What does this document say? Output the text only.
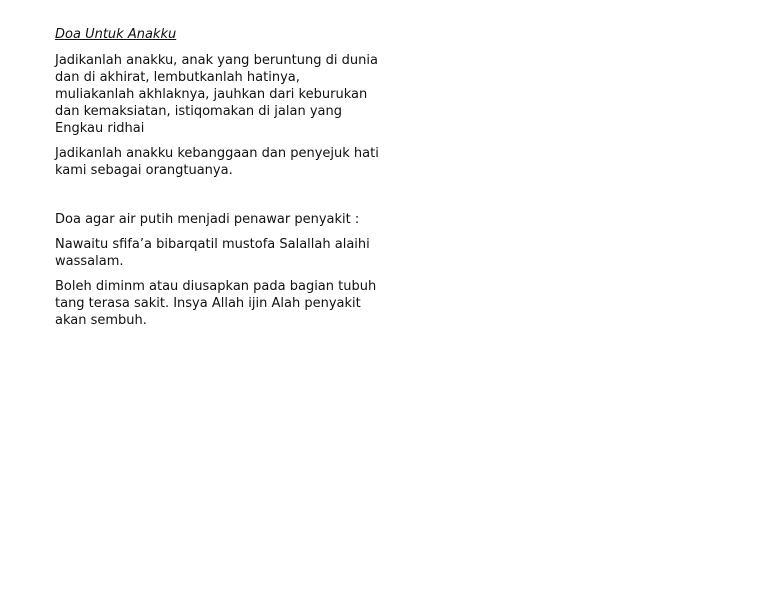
Doa Untuk Anakku

Jadikanlah anakku, anak yang beruntung di dunia dan di akhirat, lembutkanlah hatinya, muliakanlah akhlaknya, jauhkan dari keburukan dan kemaksiatan, istiqomakan di jalan yang Engkau ridhai

Jadikanlah anakku kebanggaan dan penyejuk hati kami sebagai orangtuanya.

Doa agar air putih menjadi penawar penyakit :

Nawaitu sfifa’a bibarqatil mustofa Salallah alaihi wassalam.

Boleh diminm atau diusapkan pada bagian tubuh tang terasa sakit. Insya Allah ijin Alah penyakit akan sembuh.
